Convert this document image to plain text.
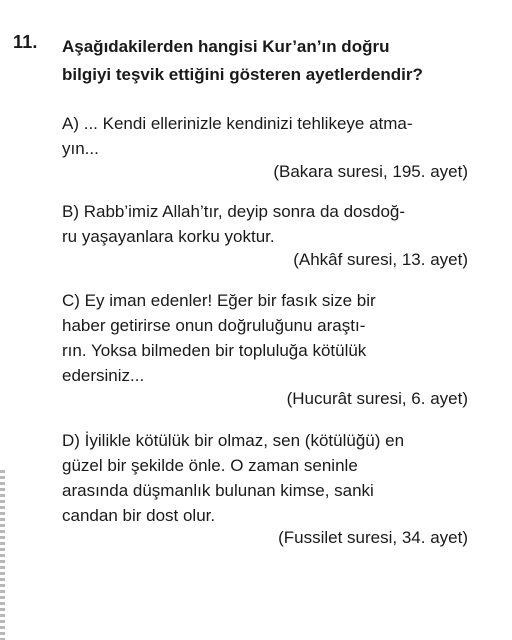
11. Aşağıdakilerden hangisi Kur’an’ın doğru
bilgiyi teşvik ettiğini gösteren ayetlerdendir?
A) ... Kendi ellerinizle kendinizi tehlikeye atma-
yın...
(Bakara suresi, 195. ayet)
B) Rabb’imiz Allah’tır, deyip sonra da dosdoğ-
ru yaşayanlara korku yoktur.
(Ahkâf suresi, 13. ayet)
C) Ey iman edenler! Eğer bir fasık size bir
haber getirirse onun doğruluğunu araştı-
rın. Yoksa bilmeden bir topluluğa kötülük
edersiniz...
(Hucurât suresi, 6. ayet)
D) İyilikle kötülük bir olmaz, sen (kötülüğü) en
güzel bir şekilde önle. O zaman seninle
arasında düşmanlık bulunan kimse, sanki
candan bir dost olur.
(Fussilet suresi, 34. ayet)
